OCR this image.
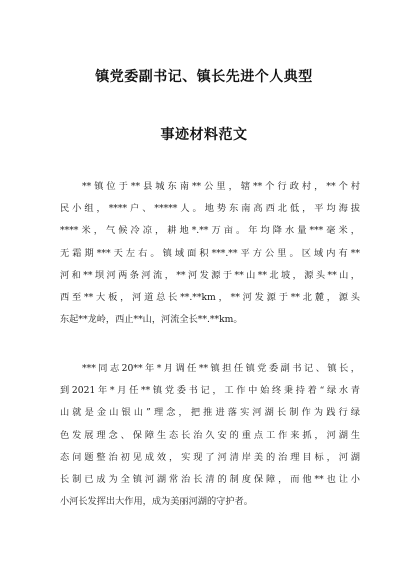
镇党委副书记、镇长先进个人典型
事迹材料范文
**镇位于**县城东南**公里，辖**个行政村，**个村
民小组，****户、*****人。地势东南高西北低，平均海拔
****米，气候冷凉，耕地*.**万亩。年均降水量***毫米，
无霜期***天左右。镇域面积***.**平方公里。区域内有**
河和**坝河两条河流，**河发源于**山**北坡，源头**山，
西至**大板，河道总长**.**km，**河发源于**北麓，源头
东起**龙岭，西止**山，河流全长**.**km。
***同志20**年*月调任**镇担任镇党委副书记、镇长，
到2021年*月任**镇党委书记，工作中始终秉持着“绿水青
山就是金山银山”理念，把推进落实河湖长制作为践行绿
色发展理念、保障生态长治久安的重点工作来抓，河湖生
态问题整治初见成效，实现了河清岸美的治理目标，河湖
长制已成为全镇河湖常治长清的制度保障，而他**也让小
小河长发挥出大作用，成为美丽河湖的守护者。
